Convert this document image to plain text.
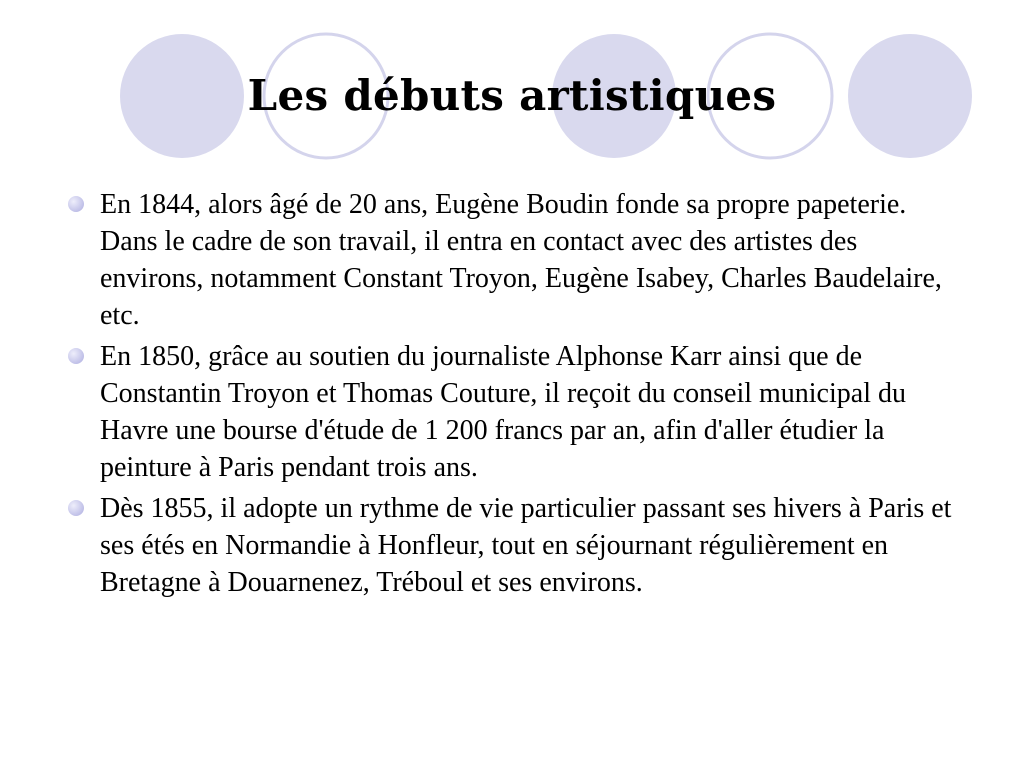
Les débuts artistiques
En 1844, alors âgé de 20 ans, Eugène Boudin fonde sa propre papeterie. Dans le cadre de son travail, il entra en contact avec des artistes des environs, notamment Constant Troyon, Eugène Isabey, Charles Baudelaire, etc.
En 1850, grâce au soutien du journaliste Alphonse Karr ainsi que de Constantin Troyon et Thomas Couture, il reçoit du conseil municipal du Havre une bourse d'étude de 1 200 francs par an, afin d'aller étudier la peinture à Paris pendant trois ans.
Dès 1855, il adopte un rythme de vie particulier passant ses hivers à Paris et ses étés en Normandie à Honfleur, tout en séjournant régulièrement en Bretagne à Douarnenez, Tréboul et ses environs.
